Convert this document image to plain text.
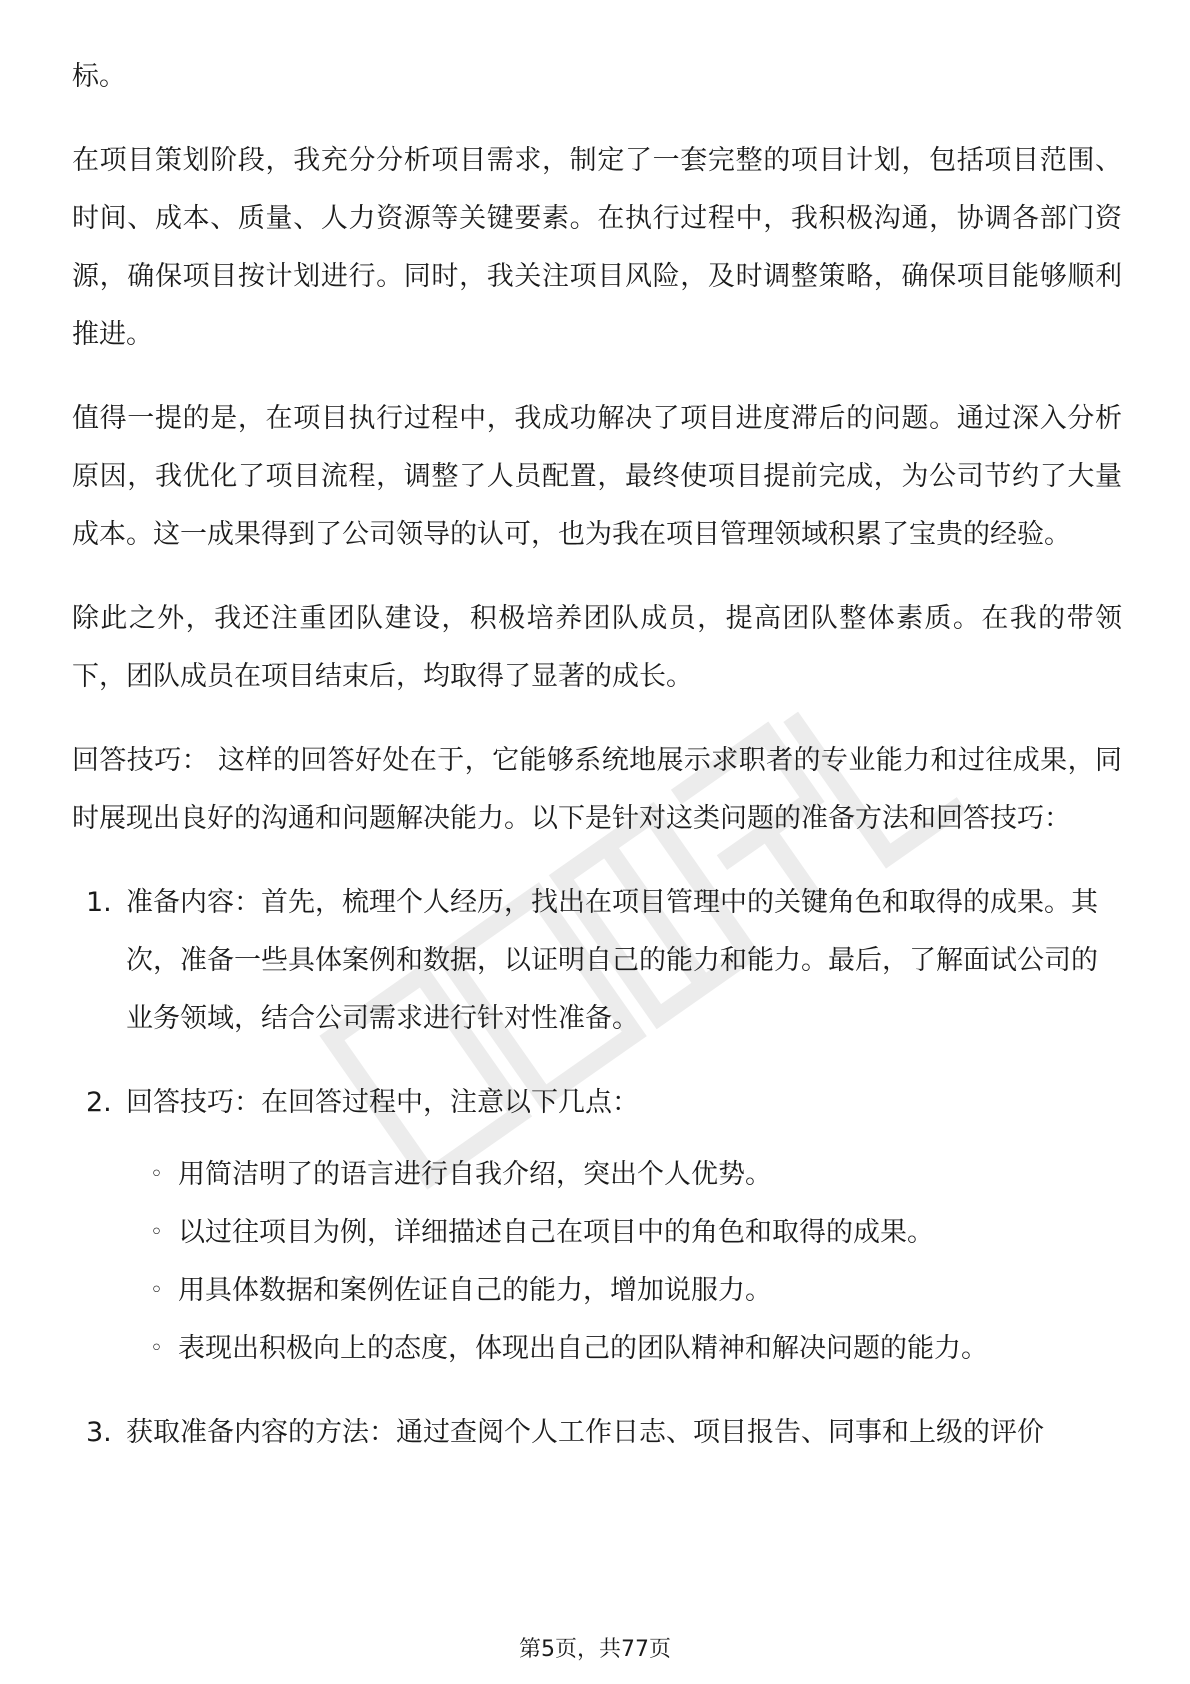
标。

在项目策划阶段，我充分分析项目需求，制定了一套完整的项目计划，包括项目范围、时间、成本、质量、人力资源等关键要素。在执行过程中，我积极沟通，协调各部门资源，确保项目按计划进行。同时，我关注项目风险，及时调整策略，确保项目能够顺利推进。

值得一提的是，在项目执行过程中，我成功解决了项目进度滞后的问题。通过深入分析原因，我优化了项目流程，调整了人员配置，最终使项目提前完成，为公司节约了大量成本。这一成果得到了公司领导的认可，也为我在项目管理领域积累了宝贵的经验。

除此之外，我还注重团队建设，积极培养团队成员，提高团队整体素质。在我的带领下，团队成员在项目结束后，均取得了显著的成长。

回答技巧： 这样的回答好处在于，它能够系统地展示求职者的专业能力和过往成果，同时展现出良好的沟通和问题解决能力。以下是针对这类问题的准备方法和回答技巧：

1. 准备内容：首先，梳理个人经历，找出在项目管理中的关键角色和取得的成果。其次，准备一些具体案例和数据，以证明自己的能力和能力。最后，了解面试公司的业务领域，结合公司需求进行针对性准备。
2. 回答技巧：在回答过程中，注意以下几点：
◦ 用简洁明了的语言进行自我介绍，突出个人优势。
◦ 以过往项目为例，详细描述自己在项目中的角色和取得的成果。
◦ 用具体数据和案例佐证自己的能力，增加说服力。
◦ 表现出积极向上的态度，体现出自己的团队精神和解决问题的能力。
3. 获取准备内容的方法：通过查阅个人工作日志、项目报告、同事和上级的评价
第5页，共77页
